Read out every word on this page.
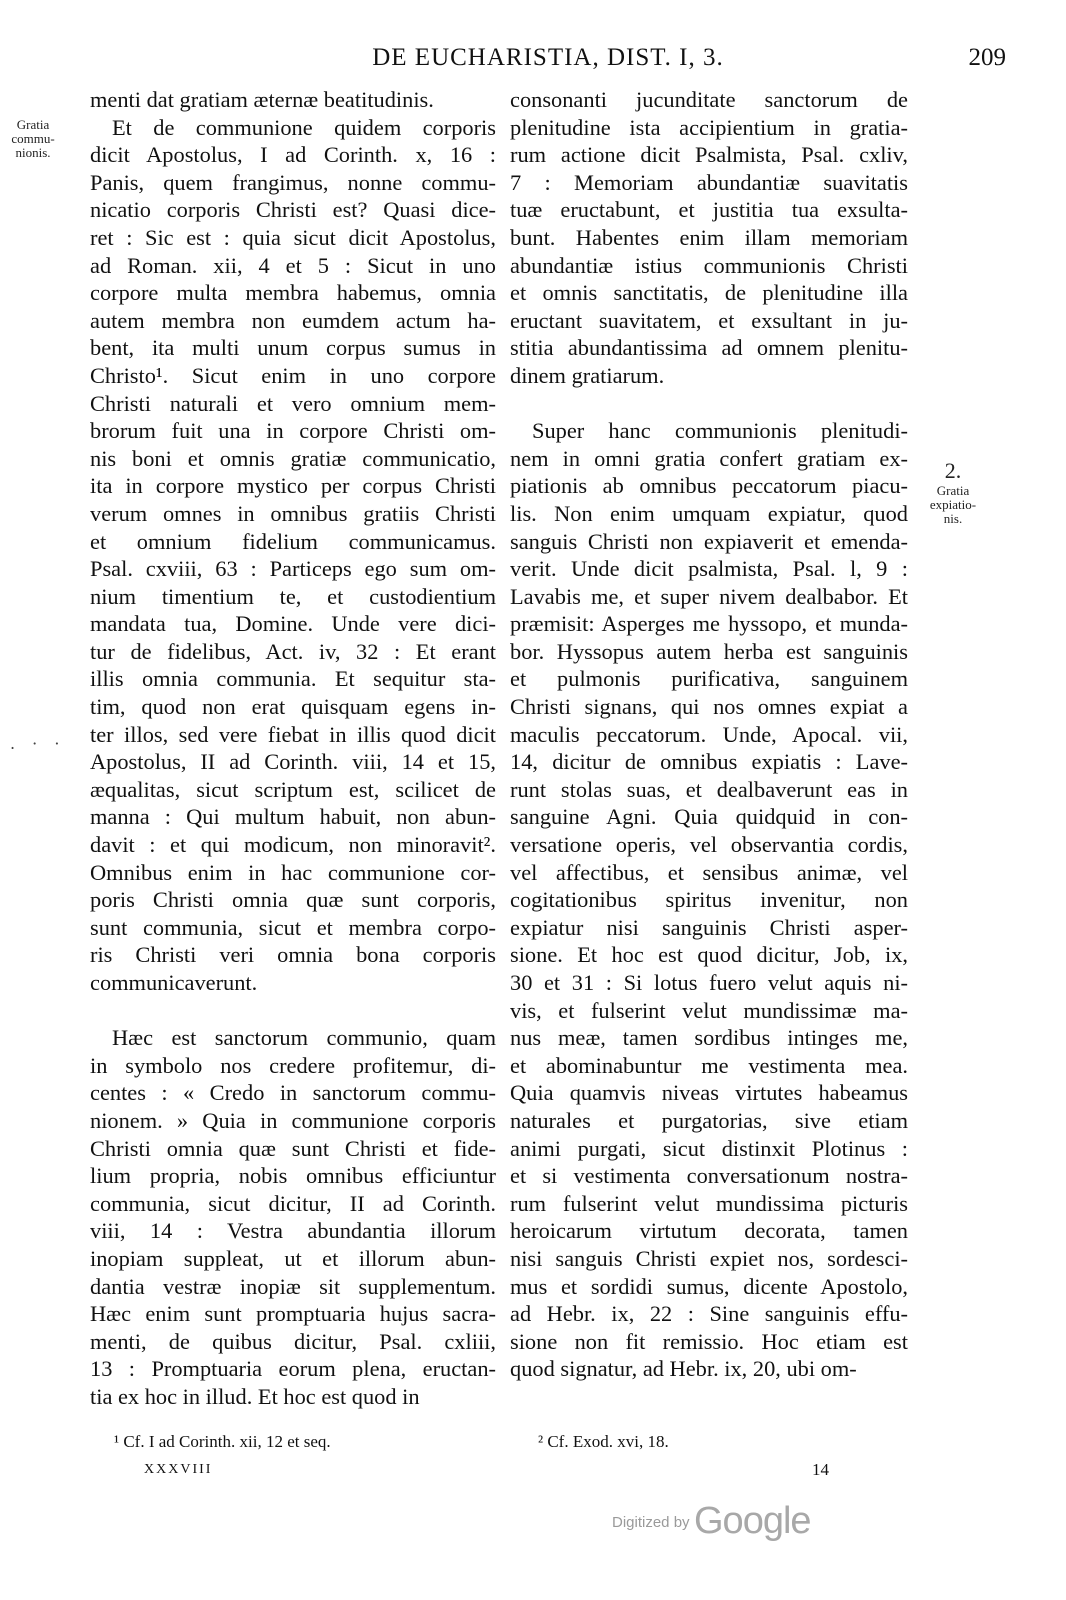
DE EUCHARISTIA, DIST. I, 3.	209
Gratia
commu-
nionis.
. · ·
2.
Gratia
expiatio-
nis.
menti dat gratiam æternæ beatitudinis.
Et de communione quidem corporis
dicit Apostolus, I ad Corinth. x, 16 :
Panis, quem frangimus, nonne commu-
nicatio corporis Christi est? Quasi dice-
ret : Sic est : quia sicut dicit Apostolus,
ad Roman. xii, 4 et 5 : Sicut in uno
corpore multa membra habemus, omnia
autem membra non eumdem actum ha-
bent, ita multi unum corpus sumus in
Christo¹. Sicut enim in uno corpore
Christi naturali et vero omnium mem-
brorum fuit una in corpore Christi om-
nis boni et omnis gratiæ communicatio,
ita in corpore mystico per corpus Christi
verum omnes in omnibus gratiis Christi
et omnium fidelium communicamus.
Psal. cxviii, 63 : Particeps ego sum om-
nium timentium te, et custodientium
mandata tua, Domine. Unde vere dici-
tur de fidelibus, Act. iv, 32 : Et erant
illis omnia communia. Et sequitur sta-
tim, quod non erat quisquam egens in-
ter illos, sed vere fiebat in illis quod dicit
Apostolus, II ad Corinth. viii, 14 et 15,
æqualitas, sicut scriptum est, scilicet de
manna : Qui multum habuit, non abun-
davit : et qui modicum, non minoravit².
Omnibus enim in hac communione cor-
poris Christi omnia quæ sunt corporis,
sunt communia, sicut et membra corpo-
ris Christi veri omnia bona corporis
communicaverunt.
Hæc est sanctorum communio, quam
in symbolo nos credere profitemur, di-
centes : « Credo in sanctorum commu-
nionem. » Quia in communione corporis
Christi omnia quæ sunt Christi et fide-
lium propria, nobis omnibus efficiuntur
communia, sicut dicitur, II ad Corinth.
viii, 14 : Vestra abundantia illorum
inopiam suppleat, ut et illorum abun-
dantia vestræ inopiæ sit supplementum.
Hæc enim sunt promptuaria hujus sacra-
menti, de quibus dicitur, Psal. cxliii,
13 : Promptuaria eorum plena, eructan-
tia ex hoc in illud. Et hoc est quod in
consonanti jucunditate sanctorum de
plenitudine ista accipientium in gratia-
rum actione dicit Psalmista, Psal. cxliv,
7 : Memoriam abundantiæ suavitatis
tuæ eructabunt, et justitia tua exsulta-
bunt. Habentes enim illam memoriam
abundantiæ istius communionis Christi
et omnis sanctitatis, de plenitudine illa
eructant suavitatem, et exsultant in ju-
stitia abundantissima ad omnem plenitu-
dinem gratiarum.
Super hanc communionis plenitudi-
nem in omni gratia confert gratiam ex-
piationis ab omnibus peccatorum piacu-
lis. Non enim umquam expiatur, quod
sanguis Christi non expiaverit et emenda-
verit. Unde dicit psalmista, Psal. l, 9 :
Lavabis me, et super nivem dealbabor. Et
præmisit: Asperges me hyssopo, et munda-
bor. Hyssopus autem herba est sanguinis
et pulmonis purificativa, sanguinem
Christi signans, qui nos omnes expiat a
maculis peccatorum. Unde, Apocal. vii,
14, dicitur de omnibus expiatis : Lave-
runt stolas suas, et dealbaverunt eas in
sanguine Agni. Quia quidquid in con-
versatione operis, vel observantia cordis,
vel affectibus, et sensibus animæ, vel
cogitationibus spiritus invenitur, non
expiatur nisi sanguinis Christi asper-
sione. Et hoc est quod dicitur, Job, ix,
30 et 31 : Si lotus fuero velut aquis ni-
vis, et fulserint velut mundissimæ ma-
nus meæ, tamen sordibus intinges me,
et abominabuntur me vestimenta mea.
Quia quamvis niveas virtutes habeamus
naturales et purgatorias, sive etiam
animi purgati, sicut distinxit Plotinus :
et si vestimenta conversationum nostra-
rum fulserint velut mundissima picturis
heroicarum virtutum decorata, tamen
nisi sanguis Christi expiet nos, sordesci-
mus et sordidi sumus, dicente Apostolo,
ad Hebr. ix, 22 : Sine sanguinis effu-
sione non fit remissio. Hoc etiam est
quod signatur, ad Hebr. ix, 20, ubi om-
¹ Cf. I ad Corinth. xii, 12 et seq.	² Cf. Exod. xvi, 18.
XXXVIII	14
Digitized by Google
